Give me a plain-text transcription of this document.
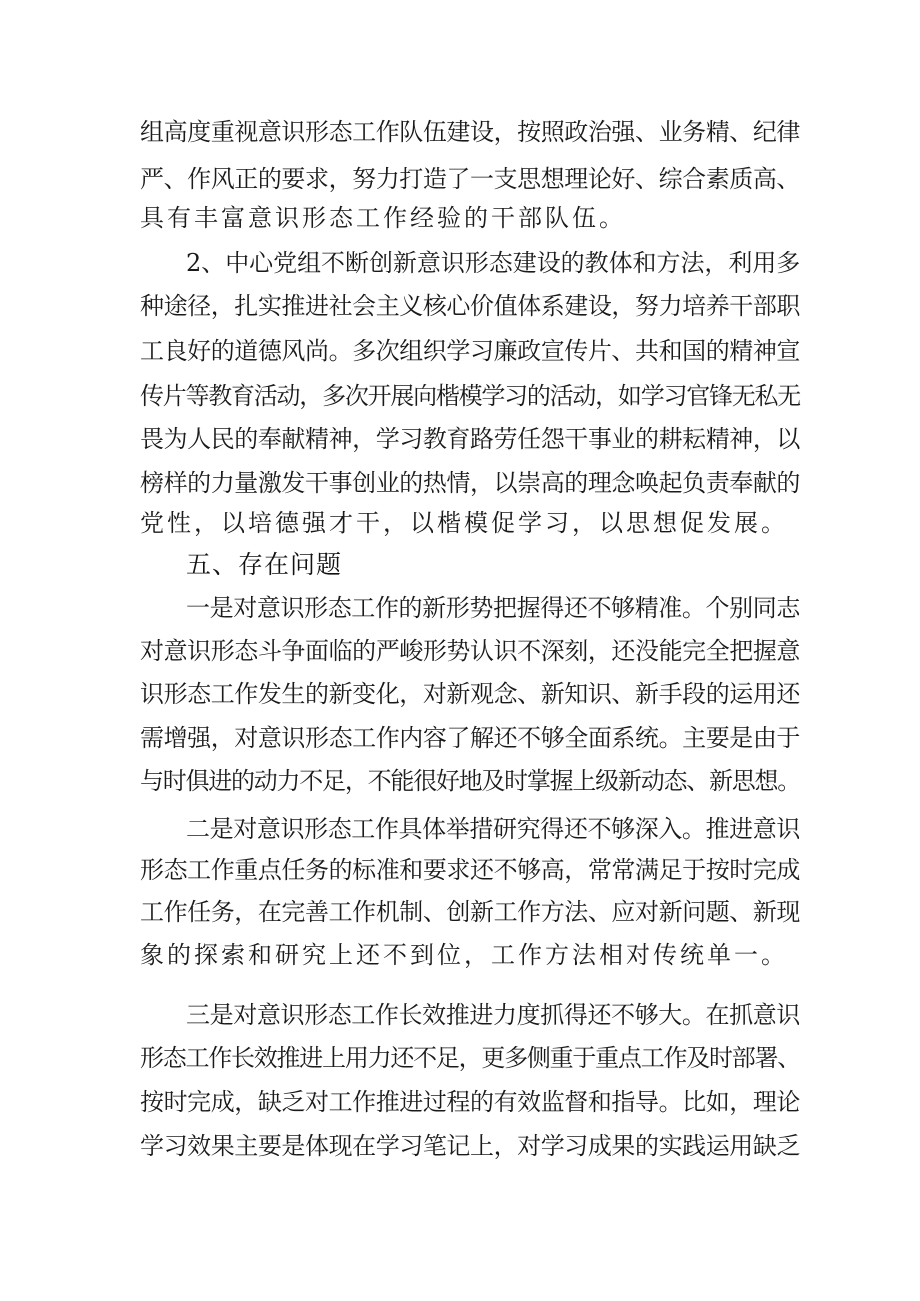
组高度重视意识形态工作队伍建设，按照政治强、业务精、纪律
严、作风正的要求，努力打造了一支思想理论好、综合素质高、
具有丰富意识形态工作经验的干部队伍。
2、中心党组不断创新意识形态建设的教体和方法，利用多
种途径，扎实推进社会主义核心价值体系建设，努力培养干部职
工良好的道德风尚。多次组织学习廉政宣传片、共和国的精神宣
传片等教育活动，多次开展向楷模学习的活动，如学习官锋无私无
畏为人民的奉献精神，学习教育路劳任怨干事业的耕耘精神，以
榜样的力量激发干事创业的热情，以崇高的理念唤起负责奉献的
党性，以培德强才干，以楷模促学习，以思想促发展。
五、存在问题
一是对意识形态工作的新形势把握得还不够精准。个别同志
对意识形态斗争面临的严峻形势认识不深刻，还没能完全把握意
识形态工作发生的新变化，对新观念、新知识、新手段的运用还
需增强，对意识形态工作内容了解还不够全面系统。主要是由于
与时俱进的动力不足，不能很好地及时掌握上级新动态、新思想。
二是对意识形态工作具体举措研究得还不够深入。推进意识
形态工作重点任务的标准和要求还不够高，常常满足于按时完成
工作任务，在完善工作机制、创新工作方法、应对新问题、新现
象的探索和研究上还不到位，工作方法相对传统单一。
三是对意识形态工作长效推进力度抓得还不够大。在抓意识
形态工作长效推进上用力还不足，更多侧重于重点工作及时部署、
按时完成，缺乏对工作推进过程的有效监督和指导。比如，理论
学习效果主要是体现在学习笔记上，对学习成果的实践运用缺乏
